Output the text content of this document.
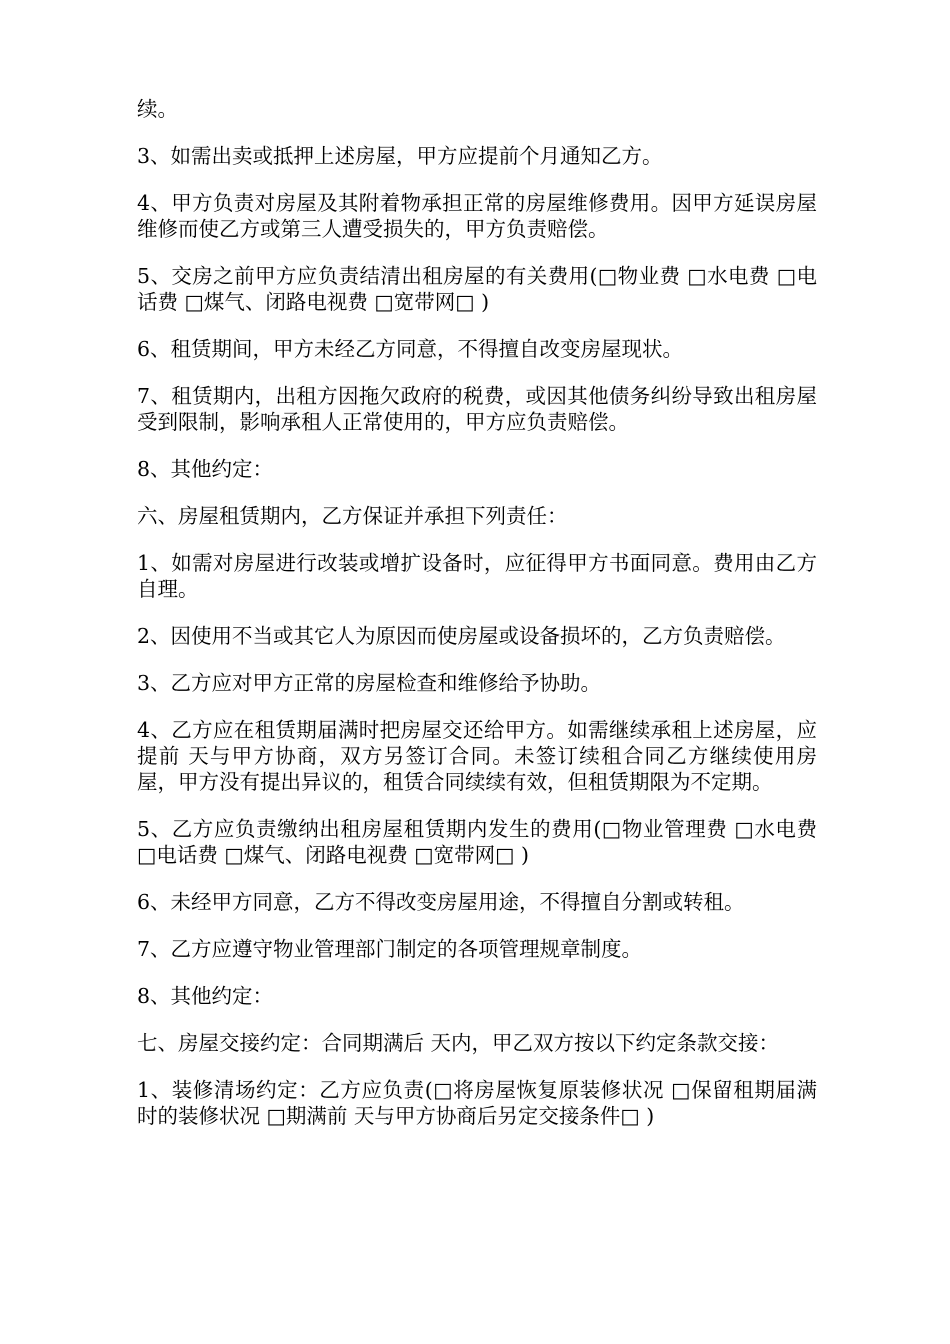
续。

3、如需出卖或抵押上述房屋，甲方应提前个月通知乙方。

4、甲方负责对房屋及其附着物承担正常的房屋维修费用。因甲方延误房屋维修而使乙方或第三人遭受损失的，甲方负责赔偿。

5、交房之前甲方应负责结清出租房屋的有关费用(□物业费 □水电费 □电话费 □煤气、闭路电视费 □宽带网□ )

6、租赁期间，甲方未经乙方同意，不得擅自改变房屋现状。

7、租赁期内，出租方因拖欠政府的税费，或因其他债务纠纷导致出租房屋受到限制，影响承租人正常使用的，甲方应负责赔偿。

8、其他约定：

六、房屋租赁期内，乙方保证并承担下列责任：

1、如需对房屋进行改装或增扩设备时，应征得甲方书面同意。费用由乙方自理。

2、因使用不当或其它人为原因而使房屋或设备损坏的，乙方负责赔偿。

3、乙方应对甲方正常的房屋检查和维修给予协助。

4、乙方应在租赁期届满时把房屋交还给甲方。如需继续承租上述房屋，应提前 天与甲方协商，双方另签订合同。未签订续租合同乙方继续使用房屋，甲方没有提出异议的，租赁合同续续有效，但租赁期限为不定期。

5、乙方应负责缴纳出租房屋租赁期内发生的费用(□物业管理费 □水电费 □电话费 □煤气、闭路电视费 □宽带网□ )

6、未经甲方同意，乙方不得改变房屋用途，不得擅自分割或转租。

7、乙方应遵守物业管理部门制定的各项管理规章制度。

8、其他约定：

七、房屋交接约定：合同期满后 天内，甲乙双方按以下约定条款交接：

1、装修清场约定：乙方应负责(□将房屋恢复原装修状况 □保留租期届满时的装修状况 □期满前 天与甲方协商后另定交接条件□ )
